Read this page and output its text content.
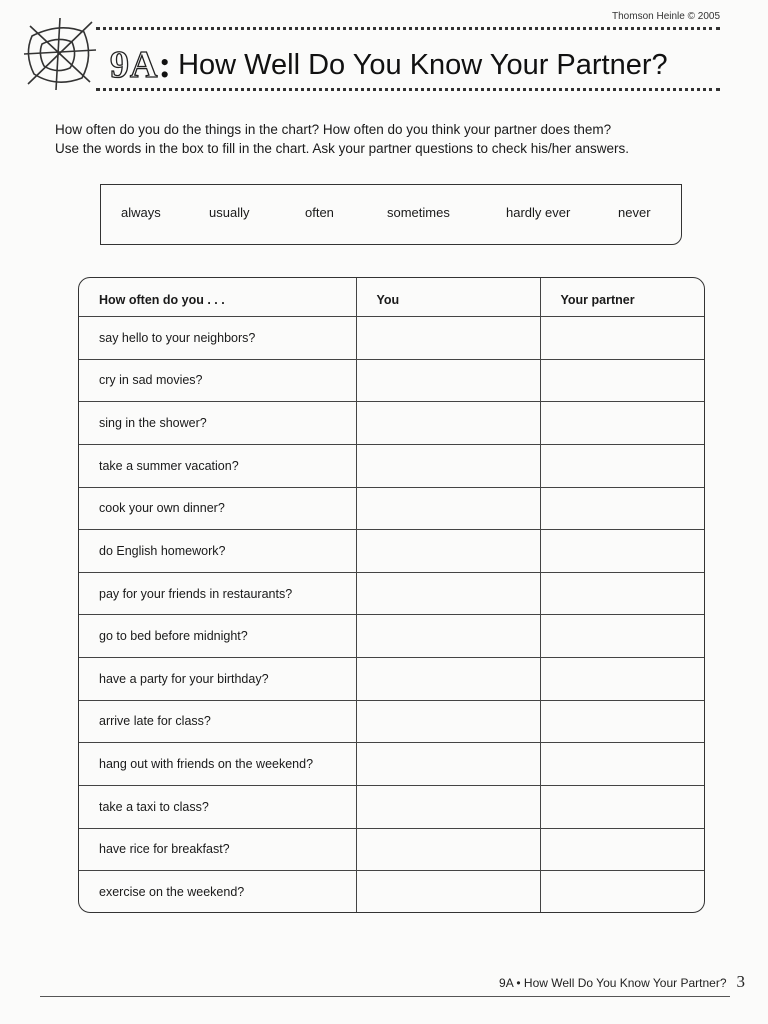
Thomson Heinle © 2005
9A : How Well Do You Know Your Partner?
How often do you do the things in the chart? How often do you think your partner does them?
Use the words in the box to fill in the chart. Ask your partner questions to check his/her answers.
always	usually	often	sometimes	hardly ever	never
How often do you . . .	You	Your partner
say hello to your neighbors?		
cry in sad movies?		
sing in the shower?		
take a summer vacation?		
cook your own dinner?		
do English homework?		
pay for your friends in restaurants?		
go to bed before midnight?		
have a party for your birthday?		
arrive late for class?		
hang out with friends on the weekend?		
take a taxi to class?		
have rice for breakfast?		
exercise on the weekend?		
9A • How Well Do You Know Your Partner? 3
